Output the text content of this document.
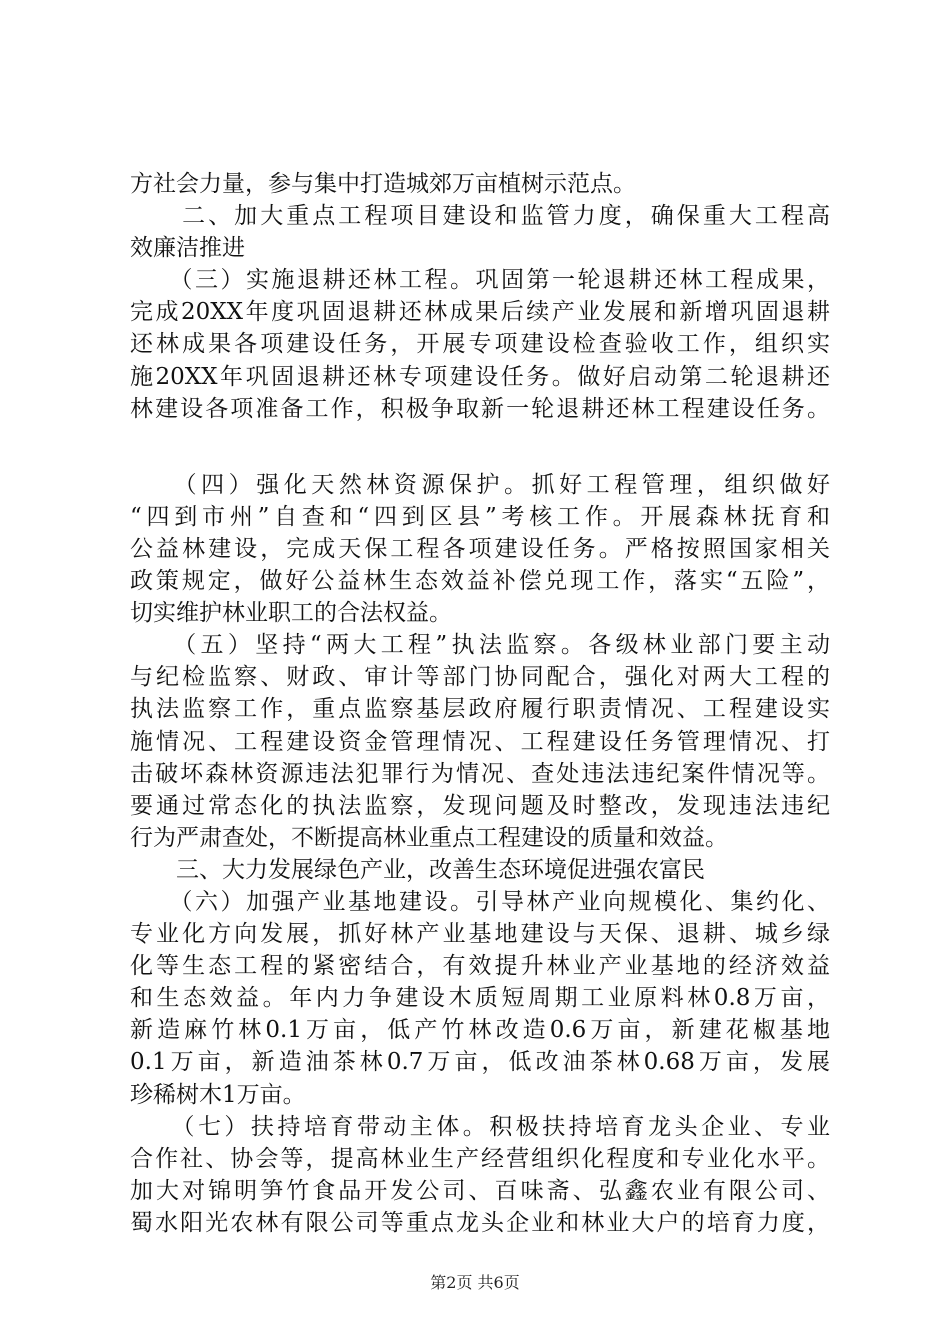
方社会力量，参与集中打造城郊万亩植树示范点。
　　二、加大重点工程项目建设和监管力度，确保重大工程高
效廉洁推进
　　（三）实施退耕还林工程。巩固第一轮退耕还林工程成果，
完成20XX年度巩固退耕还林成果后续产业发展和新增巩固退耕
还林成果各项建设任务，开展专项建设检查验收工作，组织实
施20XX年巩固退耕还林专项建设任务。做好启动第二轮退耕还
林建设各项准备工作，积极争取新一轮退耕还林工程建设任务。
　　（四）强化天然林资源保护。抓好工程管理，组织做好
“四到市州”自查和“四到区县”考核工作。开展森林抚育和
公益林建设，完成天保工程各项建设任务。严格按照国家相关
政策规定，做好公益林生态效益补偿兑现工作，落实“五险”，
切实维护林业职工的合法权益。
　　（五）坚持“两大工程”执法监察。各级林业部门要主动
与纪检监察、财政、审计等部门协同配合，强化对两大工程的
执法监察工作，重点监察基层政府履行职责情况、工程建设实
施情况、工程建设资金管理情况、工程建设任务管理情况、打
击破坏森林资源违法犯罪行为情况、查处违法违纪案件情况等。
要通过常态化的执法监察，发现问题及时整改，发现违法违纪
行为严肃查处，不断提高林业重点工程建设的质量和效益。
　　三、大力发展绿色产业，改善生态环境促进强农富民
　　（六）加强产业基地建设。引导林产业向规模化、集约化、
专业化方向发展，抓好林产业基地建设与天保、退耕、城乡绿
化等生态工程的紧密结合，有效提升林业产业基地的经济效益
和生态效益。年内力争建设木质短周期工业原料林0.8万亩，
新造麻竹林0.1万亩，低产竹林改造0.6万亩，新建花椒基地
0.1万亩，新造油茶林0.7万亩，低改油茶林0.68万亩，发展
珍稀树木1万亩。
　　（七）扶持培育带动主体。积极扶持培育龙头企业、专业
合作社、协会等，提高林业生产经营组织化程度和专业化水平。
加大对锦明笋竹食品开发公司、百味斋、弘鑫农业有限公司、
蜀水阳光农林有限公司等重点龙头企业和林业大户的培育力度，
第2页 共6页
